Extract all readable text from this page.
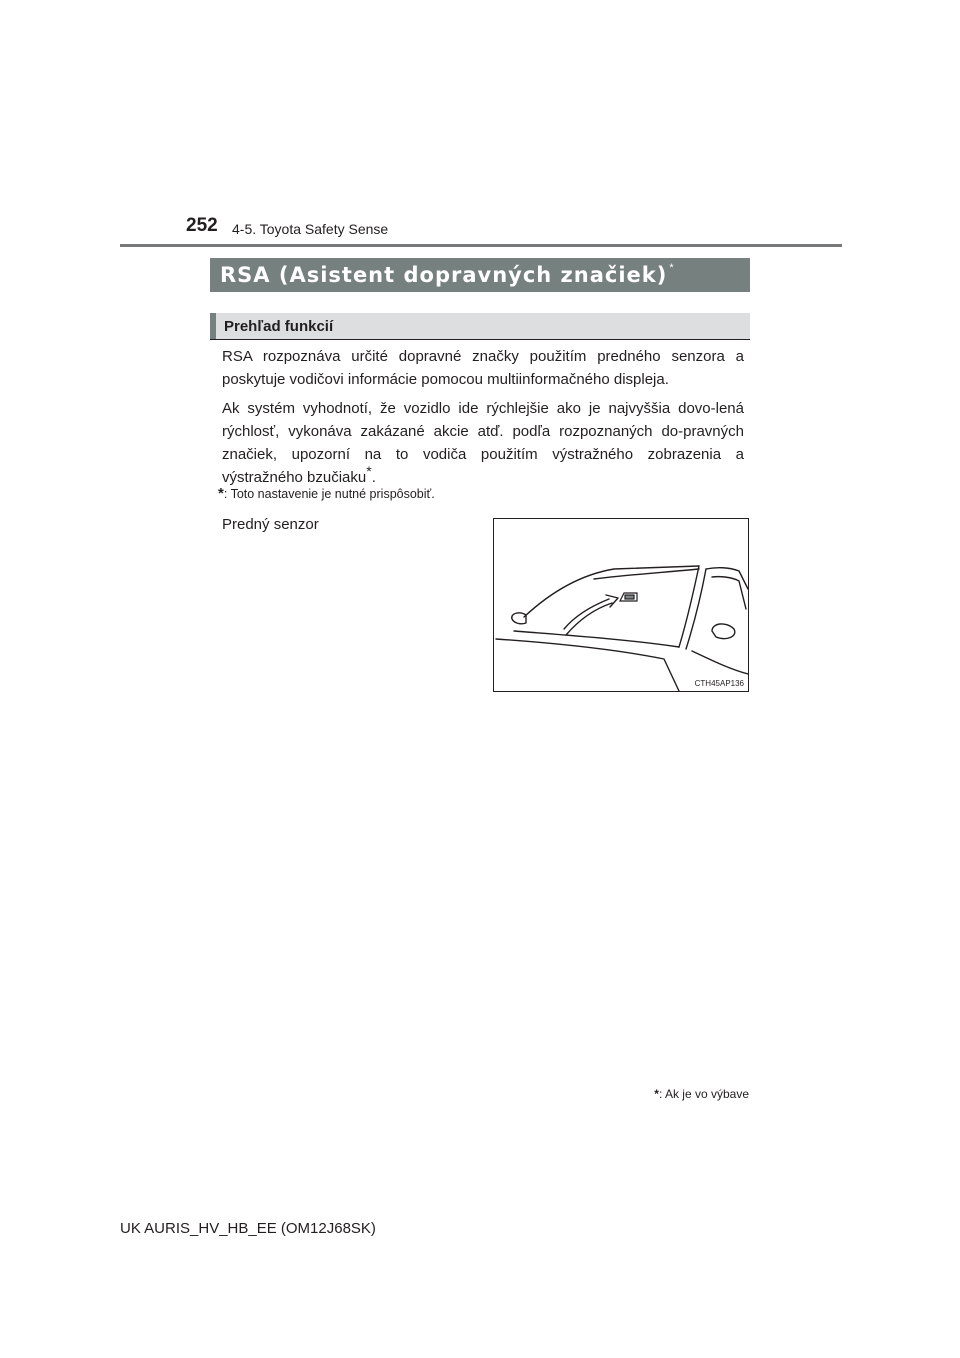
252 4-5. Toyota Safety Sense
RSA (Asistent dopravných značiek) *
Prehľad funkcií

RSA rozpoznáva určité dopravné značky použitím predného senzora a poskytuje vodičovi informácie pomocou multiinformačného displeja.

Ak systém vyhodnotí, že vozidlo ide rýchlejšie ako je najvyššia dovo-lená rýchlosť, vykonáva zakázané akcie atď. podľa rozpoznaných do-pravných značiek, upozorní na to vodiča použitím výstražného zobrazenia a výstražného bzučiaku*.

*: Toto nastavenie je nutné prispôsobiť.

Predný senzor
CTH45AP136
*: Ak je vo výbave
UK AURIS_HV_HB_EE (OM12J68SK)
